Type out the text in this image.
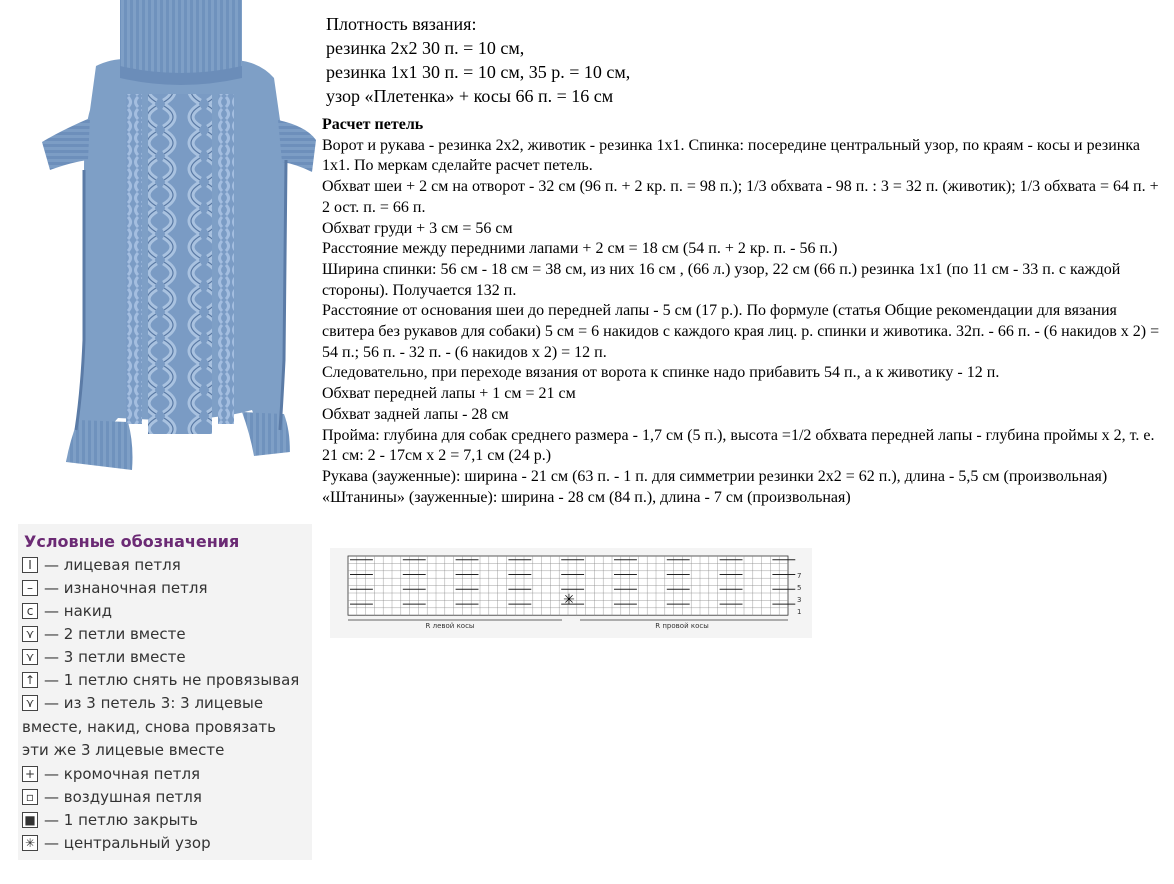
Плотность вязания:
резинка 2х2 30 п. = 10 см,
резинка 1х1 30 п. = 10 см, 35 р. = 10 см,
узор «Плетенка» + косы 66 п. = 16 см
Расчет петель
Ворот и рукава - резинка 2х2, животик - резинка 1х1. Спинка: посередине центральный узор, по краям - косы и резинка 1х1. По меркам сделайте расчет петель.
Обхват шеи + 2 см на отворот - 32 см (96 п. + 2 кр. п. = 98 п.); 1/3 обхвата - 98 п. : 3 = 32 п. (животик); 1/3 обхвата = 64 п. + 2 ост. п. = 66 п.
Обхват груди + 3 см = 56 см
Расстояние между передними лапами + 2 см = 18 см (54 п. + 2 кр. п. - 56 п.)
Ширина спинки: 56 см - 18 см = 38 см, из них 16 см , (66 л.) узор, 22 см (66 п.) резинка 1х1 (по 11 см - 33 п. с каждой стороны). Получается 132 п.
Расстояние от основания шеи до передней лапы - 5 см (17 р.). По формуле (статья Общие рекомендации для вязания свитера без рукавов для собаки) 5 см = 6 накидов с каждого края лиц. р. спинки и животика. 32п. - 66 п. - (6 накидов х 2) = 54 п.; 56 п. - 32 п. - (6 накидов х 2) = 12 п.
Следовательно, при переходе вязания от ворота к спинке надо прибавить 54 п., а к животику - 12 п.
Обхват передней лапы + 1 см = 21 см
Обхват задней лапы - 28 см
Пройма: глубина для собак среднего размера - 1,7 см (5 п.), высота =1/2 обхвата передней лапы - глубина проймы х 2, т. е. 21 см: 2 - 17см х 2 = 7,1 см (24 р.)
Рукава (зауженные): ширина - 21 см (63 п. - 1 п. для симметрии резинки 2х2 = 62 п.), длина - 5,5 см (произвольная)
«Штанины» (зауженные): ширина - 28 см (84 п.), длина - 7 см (произвольная)
Условные обозначения
I — лицевая петля
– — изнаночная петля
c — накид
⋎ — 2 петли вместе
⋎ — 3 петли вместе
↑ — 1 петлю снять не провязывая
⋎ — из 3 петель 3: 3 лицевые
вместе, накид, снова провязать
эти же 3 лицевые вместе
+ — кромочная петля
▫ — воздушная петля
■ — 1 петлю закрыть
✳ — центральный узор
✳
7
5
3
1
R левой косы	R провой косы
